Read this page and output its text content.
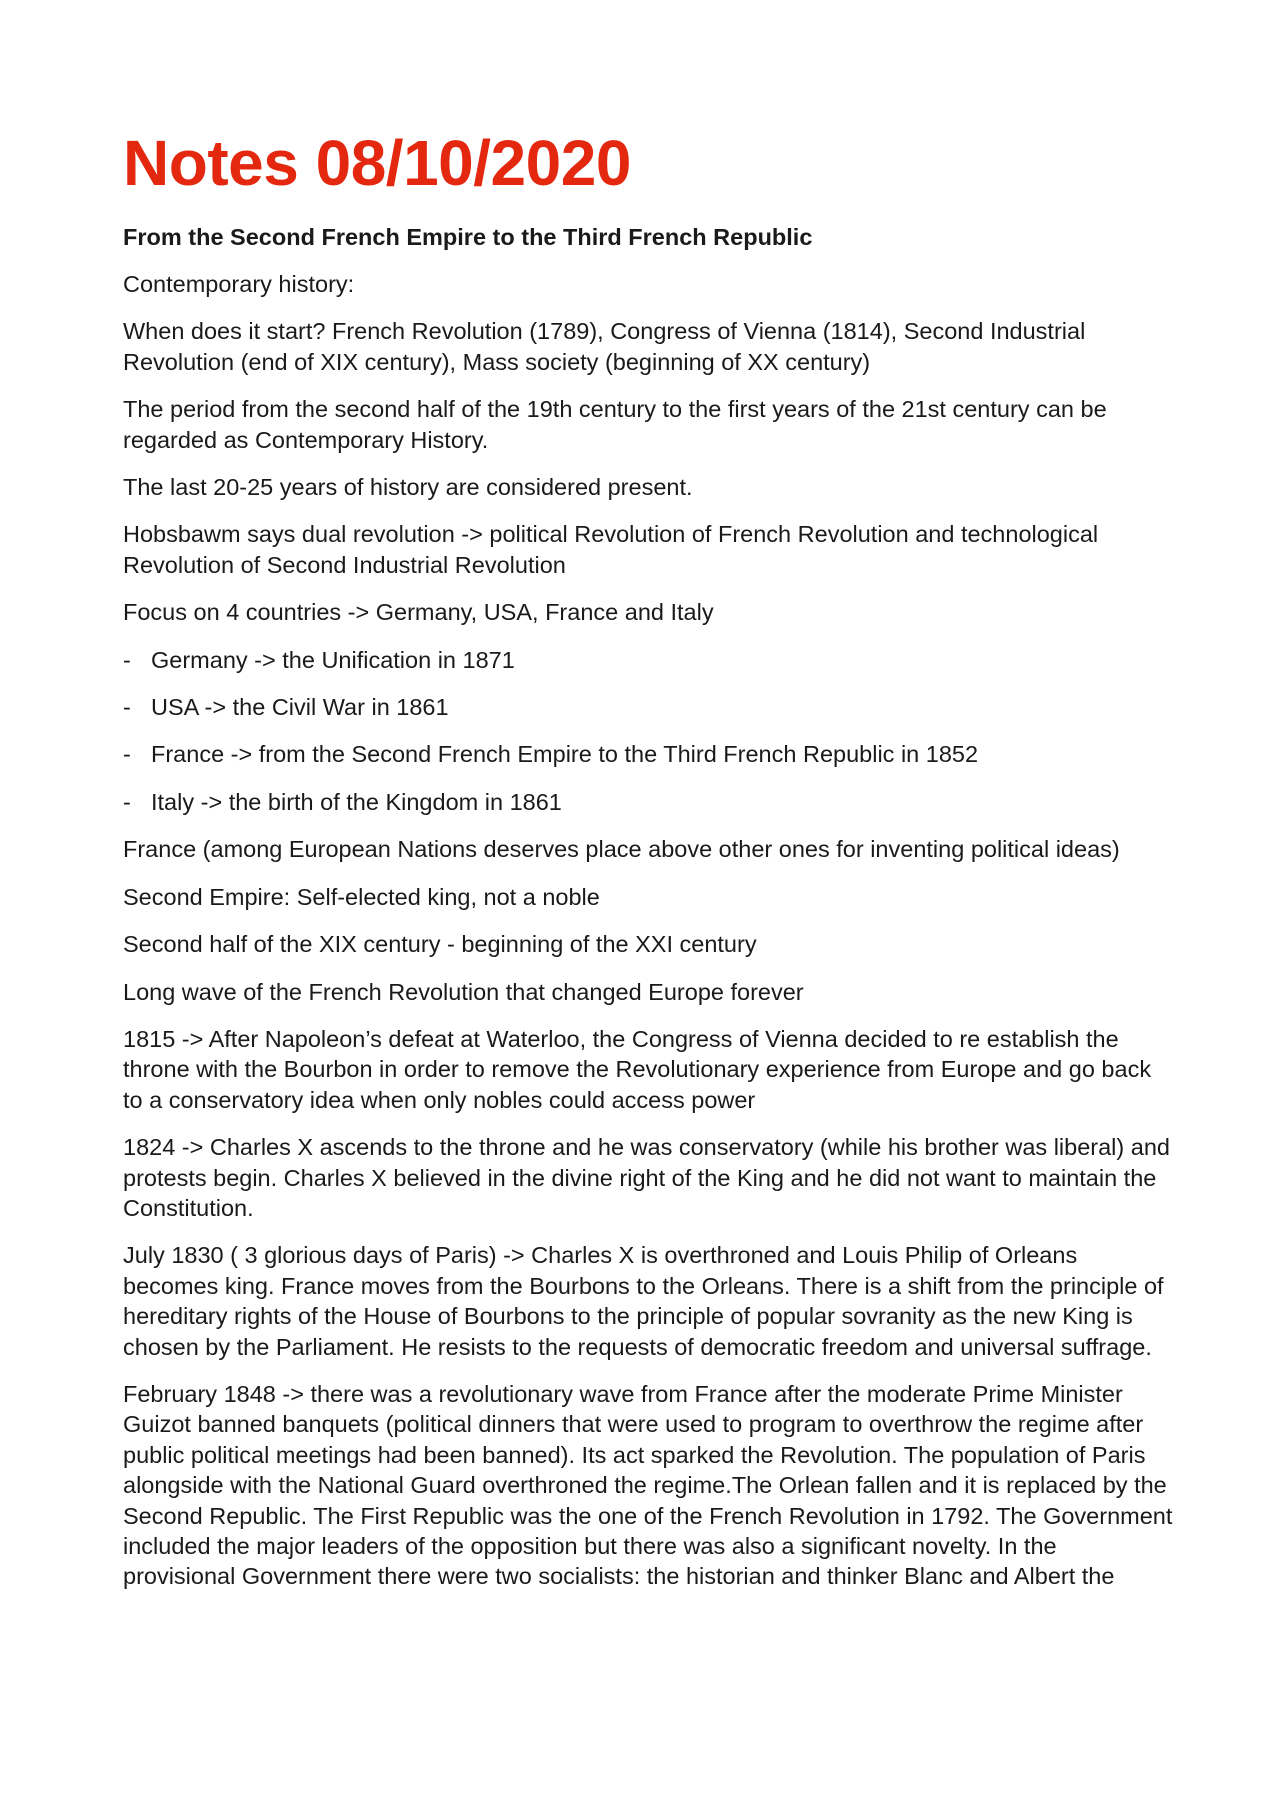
Notes 08/10/2020
From the Second French Empire to the Third French Republic

Contemporary history:

When does it start? French Revolution (1789), Congress of Vienna (1814), Second Industrial Revolution (end of XIX century), Mass society (beginning of XX century)

The period from the second half of the 19th century to the first years of the 21st century can be regarded as Contemporary History.

The last 20-25 years of history are considered present.

Hobsbawm says dual revolution -> political Revolution of French Revolution and technological Revolution of Second Industrial Revolution

Focus on 4 countries -> Germany, USA, France and Italy

- Germany -> the Unification in 1871
- USA -> the Civil War in 1861
- France -> from the Second French Empire to the Third French Republic in 1852
- Italy -> the birth of the Kingdom in 1861

France (among European Nations deserves place above other ones for inventing political ideas)

Second Empire: Self-elected king, not a noble

Second half of the XIX century - beginning of the XXI century

Long wave of the French Revolution that changed Europe forever

1815 -> After Napoleon’s defeat at Waterloo, the Congress of Vienna decided to re establish the throne with the Bourbon in order to remove the Revolutionary experience from Europe and go back to a conservatory idea when only nobles could access power

1824 -> Charles X ascends to the throne and he was conservatory (while his brother was liberal) and protests begin. Charles X believed in the divine right of the King and he did not want to maintain the Constitution.

July 1830 ( 3 glorious days of Paris) -> Charles X is overthroned and Louis Philip of Orleans becomes king. France moves from the Bourbons to the Orleans. There is a shift from the principle of hereditary rights of the House of Bourbons to the principle of popular sovranity as the new King is chosen by the Parliament. He resists to the requests of democratic freedom and universal suffrage.

February 1848 -> there was a revolutionary wave from France after the moderate Prime Minister Guizot banned banquets (political dinners that were used to program to overthrow the regime after public political meetings had been banned). Its act sparked the Revolution. The population of Paris alongside with the National Guard overthroned the regime.The Orlean fallen and it is replaced by the Second Republic. The First Republic was the one of the French Revolution in 1792. The Government included the major leaders of the opposition but there was also a significant novelty. In the provisional Government there were two socialists: the historian and thinker Blanc and Albert the
